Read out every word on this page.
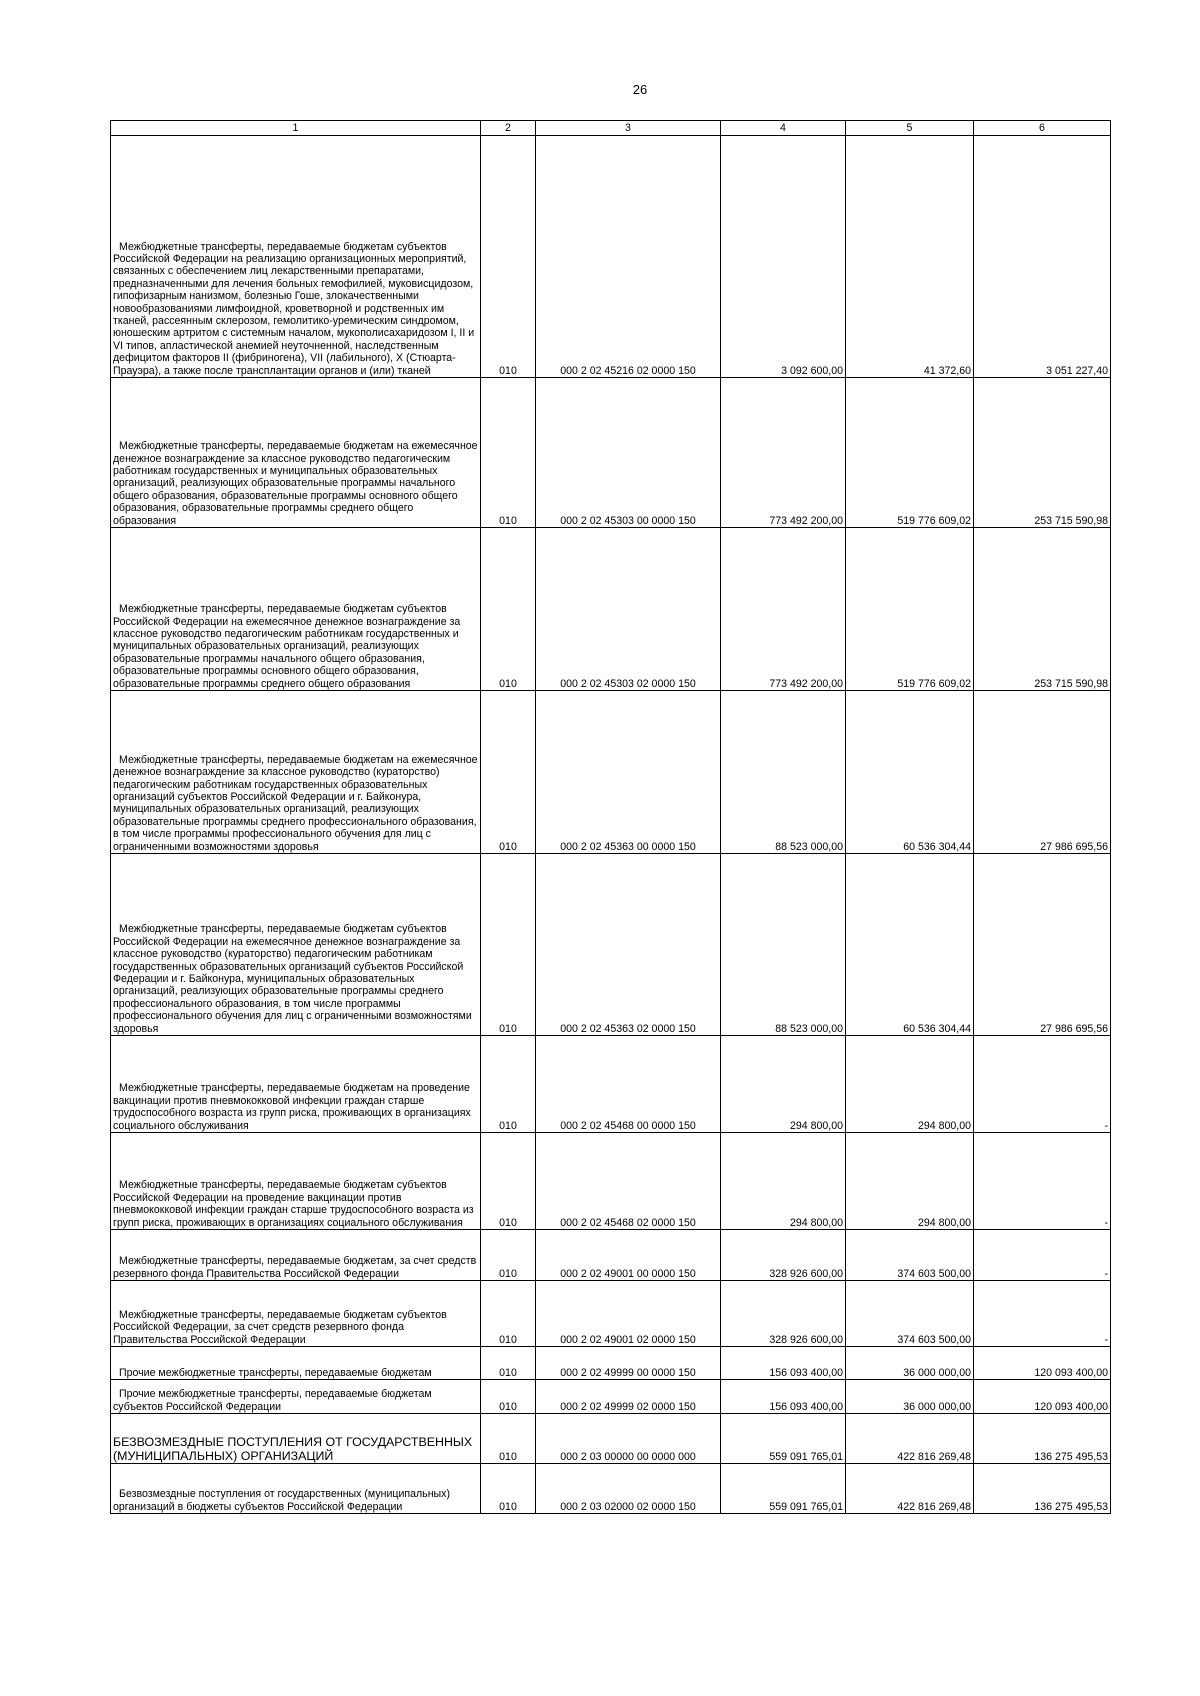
26
1	2	3	4	5	6
Межбюджетные трансферты, передаваемые бюджетам субъектов Российской Федерации на реализацию организационных мероприятий, связанных с обеспечением лиц лекарственными препаратами, предназначенными для лечения больных гемофилией, муковисцидозом, гипофизарным нанизмом, болезнью Гоше, злокачественными новообразованиями лимфоидной, кроветворной и родственных им тканей, рассеянным склерозом, гемолитико-уремическим синдромом, юношеским артритом с системным началом, мукополисахаридозом I, II и VI типов, апластической анемией неуточненной, наследственным дефицитом факторов II (фибриногена), VII (лабильного), X (Стюарта-Прауэра), а также после трансплантации органов и (или) тканей	010	000 2 02 45216 02 0000 150	3 092 600,00	41 372,60	3 051 227,40
Межбюджетные трансферты, передаваемые бюджетам на ежемесячное денежное вознаграждение за классное руководство педагогическим работникам государственных и муниципальных образовательных организаций, реализующих образовательные программы начального общего образования, образовательные программы основного общего образования, образовательные программы среднего общего образования	010	000 2 02 45303 00 0000 150	773 492 200,00	519 776 609,02	253 715 590,98
Межбюджетные трансферты, передаваемые бюджетам субъектов Российской Федерации на ежемесячное денежное вознаграждение за классное руководство педагогическим работникам государственных и муниципальных образовательных организаций, реализующих образовательные программы начального общего образования, образовательные программы основного общего образования, образовательные программы среднего общего образования	010	000 2 02 45303 02 0000 150	773 492 200,00	519 776 609,02	253 715 590,98
Межбюджетные трансферты, передаваемые бюджетам на ежемесячное денежное вознаграждение за классное руководство (кураторство) педагогическим работникам государственных образовательных организаций субъектов Российской Федерации и г. Байконура, муниципальных образовательных организаций, реализующих образовательные программы среднего профессионального образования, в том числе программы профессионального обучения для лиц с ограниченными возможностями здоровья	010	000 2 02 45363 00 0000 150	88 523 000,00	60 536 304,44	27 986 695,56
Межбюджетные трансферты, передаваемые бюджетам субъектов Российской Федерации на ежемесячное денежное вознаграждение за классное руководство (кураторство) педагогическим работникам государственных образовательных организаций субъектов Российской Федерации и г. Байконура, муниципальных образовательных организаций, реализующих образовательные программы среднего профессионального образования, в том числе программы профессионального обучения для лиц с ограниченными возможностями здоровья	010	000 2 02 45363 02 0000 150	88 523 000,00	60 536 304,44	27 986 695,56
Межбюджетные трансферты, передаваемые бюджетам на проведение вакцинации против пневмококковой инфекции граждан старше трудоспособного возраста из групп риска, проживающих в организациях социального обслуживания	010	000 2 02 45468 00 0000 150	294 800,00	294 800,00	-
Межбюджетные трансферты, передаваемые бюджетам субъектов Российской Федерации на проведение вакцинации против пневмококковой инфекции граждан старше трудоспособного возраста из групп риска, проживающих в организациях социального обслуживания	010	000 2 02 45468 02 0000 150	294 800,00	294 800,00	-
Межбюджетные трансферты, передаваемые бюджетам, за счет средств резервного фонда Правительства Российской Федерации	010	000 2 02 49001 00 0000 150	328 926 600,00	374 603 500,00	-
Межбюджетные трансферты, передаваемые бюджетам субъектов Российской Федерации, за счет средств резервного фонда Правительства Российской Федерации	010	000 2 02 49001 02 0000 150	328 926 600,00	374 603 500,00	-
Прочие межбюджетные трансферты, передаваемые бюджетам	010	000 2 02 49999 00 0000 150	156 093 400,00	36 000 000,00	120 093 400,00
Прочие межбюджетные трансферты, передаваемые бюджетам субъектов Российской Федерации	010	000 2 02 49999 02 0000 150	156 093 400,00	36 000 000,00	120 093 400,00
БЕЗВОЗМЕЗДНЫЕ ПОСТУПЛЕНИЯ ОТ ГОСУДАРСТВЕННЫХ (МУНИЦИПАЛЬНЫХ) ОРГАНИЗАЦИЙ	010	000 2 03 00000 00 0000 000	559 091 765,01	422 816 269,48	136 275 495,53
Безвозмездные поступления от государственных (муниципальных) организаций в бюджеты субъектов Российской Федерации	010	000 2 03 02000 02 0000 150	559 091 765,01	422 816 269,48	136 275 495,53
